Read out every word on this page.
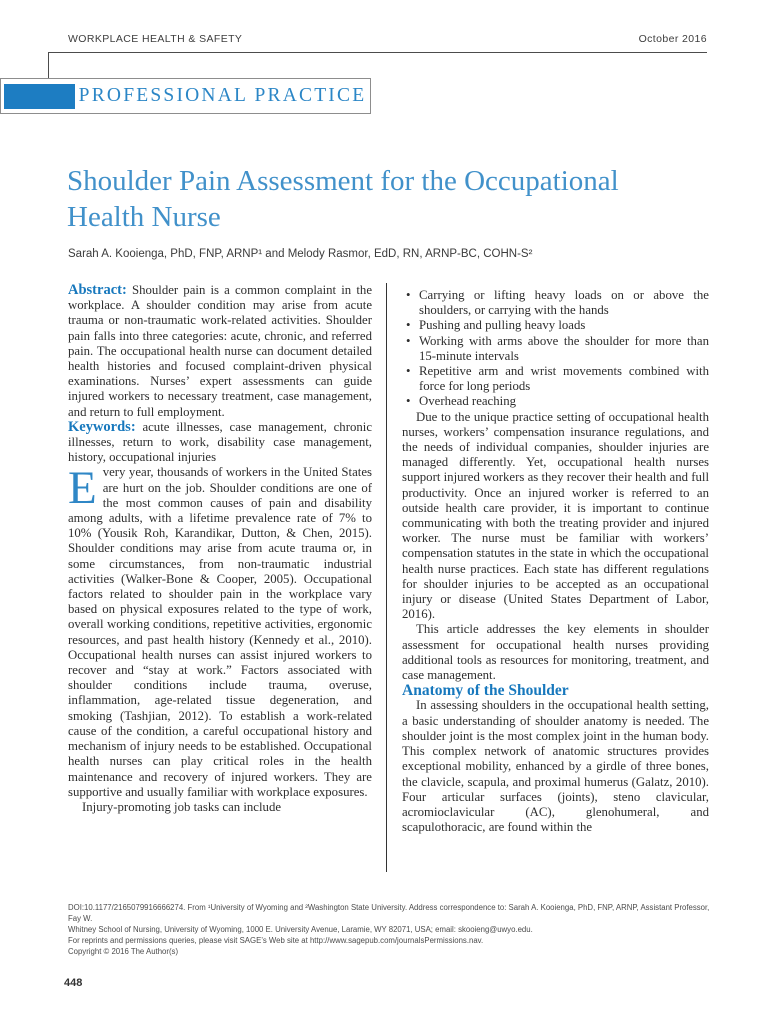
WORKPLACE HEALTH & SAFETY	October 2016
PROFESSIONAL PRACTICE
Shoulder Pain Assessment for the Occupational Health Nurse
Sarah A. Kooienga, PhD, FNP, ARNP¹ and Melody Rasmor, EdD, RN, ARNP-BC, COHN-S²

Abstract: Shoulder pain is a common complaint in the workplace. A shoulder condition may arise from acute trauma or non-traumatic work-related activities. Shoulder pain falls into three categories: acute, chronic, and referred pain. The occupational health nurse can document detailed health histories and focused complaint-driven physical examinations. Nurses’ expert assessments can guide injured workers to necessary treatment, case management, and return to full employment.

Keywords: acute illnesses, case management, chronic illnesses, return to work, disability case management, history, occupational injuries

E very year, thousands of workers in the United States are hurt on the job. Shoulder conditions are one of the most common causes of pain and disability among adults, with a lifetime prevalence rate of 7% to 10% (Yousik Roh, Karandikar, Dutton, & Chen, 2015). Shoulder conditions may arise from acute trauma or, in some circumstances, from non-traumatic industrial activities (Walker-Bone & Cooper, 2005). Occupational factors related to shoulder pain in the workplace vary based on physical exposures related to the type of work, overall working conditions, repetitive activities, ergonomic resources, and past health history (Kennedy et al., 2010). Occupational health nurses can assist injured workers to recover and “stay at work.” Factors associated with shoulder conditions include trauma, overuse, inflammation, age-related tissue degeneration, and smoking (Tashjian, 2012). To establish a work-related cause of the condition, a careful occupational history and mechanism of injury needs to be established. Occupational health nurses can play critical roles in the health maintenance and recovery of injured workers. They are supportive and usually familiar with workplace exposures.

Injury-promoting job tasks can include

• Carrying or lifting heavy loads on or above the shoulders, or carrying with the hands
• Pushing and pulling heavy loads
• Working with arms above the shoulder for more than 15-minute intervals
• Repetitive arm and wrist movements combined with force for long periods
• Overhead reaching

Due to the unique practice setting of occupational health nurses, workers’ compensation insurance regulations, and the needs of individual companies, shoulder injuries are managed differently. Yet, occupational health nurses support injured workers as they recover their health and full productivity. Once an injured worker is referred to an outside health care provider, it is important to continue communicating with both the treating provider and injured worker. The nurse must be familiar with workers’ compensation statutes in the state in which the occupational health nurse practices. Each state has different regulations for shoulder injuries to be accepted as an occupational injury or disease (United States Department of Labor, 2016).

This article addresses the key elements in shoulder assessment for occupational health nurses providing additional tools as resources for monitoring, treatment, and case management.

Anatomy of the Shoulder

In assessing shoulders in the occupational health setting, a basic understanding of shoulder anatomy is needed. The shoulder joint is the most complex joint in the human body. This complex network of anatomic structures provides exceptional mobility, enhanced by a girdle of three bones, the clavicle, scapula, and proximal humerus (Galatz, 2010). Four articular surfaces (joints), steno clavicular, acromioclavicular (AC), glenohumeral, and scapulothoracic, are found within the

DOI:10.1177/2165079916666274. From ¹University of Wyoming and ²Washington State University. Address correspondence to: Sarah A. Kooienga, PhD, FNP, ARNP, Assistant Professor, Fay W.
Whitney School of Nursing, University of Wyoming, 1000 E. University Avenue, Laramie, WY 82071, USA; email: skooieng@uwyo.edu.
For reprints and permissions queries, please visit SAGE’s Web site at http://www.sagepub.com/journalsPermissions.nav.
Copyright © 2016 The Author(s)
448
